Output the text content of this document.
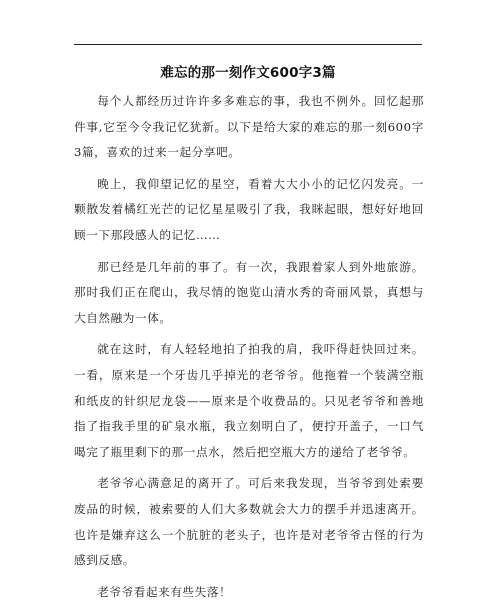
难忘的那一刻作文600字3篇

每个人都经历过许许多多难忘的事，我也不例外。回忆起那件事,它至今令我记忆犹新。以下是给大家的难忘的那一刻600字3篇，喜欢的过来一起分享吧。

晚上，我仰望记忆的星空，看着大大小小的记忆闪发亮。一颗散发着橘红光芒的记忆星星吸引了我，我眯起眼，想好好地回顾一下那段感人的记忆……

那已经是几年前的事了。有一次，我跟着家人到外地旅游。那时我们正在爬山，我尽情的饱览山清水秀的奇丽风景，真想与大自然融为一体。

就在这时，有人轻轻地拍了拍我的肩，我吓得赶快回过来。一看，原来是一个牙齿几乎掉光的老爷爷。他拖着一个装满空瓶和纸皮的针织尼龙袋——原来是个收费品的。只见老爷爷和善地指了指我手里的矿泉水瓶，我立刻明白了，便拧开盖子，一口气喝完了瓶里剩下的那一点水，然后把空瓶大方的递给了老爷爷。

老爷爷心满意足的离开了。可后来我发现，当爷爷到处索要废品的时候，被索要的人们大多数就会大力的摆手并迅速离开。也许是嫌弃这么一个肮脏的老头子，也许是对老爷爷古怪的行为感到反感。

老爷爷看起来有些失落！
